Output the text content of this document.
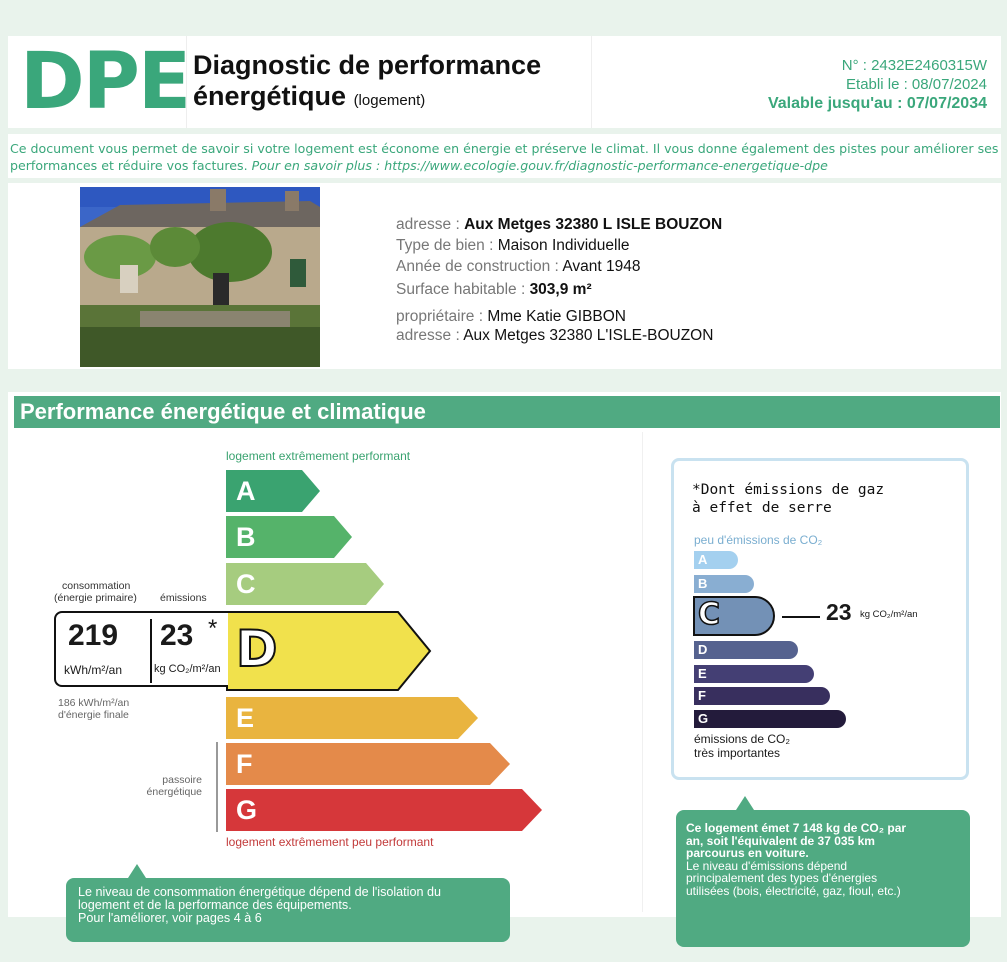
DPE Diagnostic de performance
énergétique (logement)
N° : 2432E2460315W
Etabli le : 08/07/2024
Valable jusqu'au : 07/07/2034
Ce document vous permet de savoir si votre logement est économe en énergie et préserve le climat. Il vous donne également des pistes pour améliorer ses performances et réduire vos factures. Pour en savoir plus : https://www.ecologie.gouv.fr/diagnostic-performance-energetique-dpe
adresse : Aux Metges 32380 L ISLE BOUZON
Type de bien : Maison Individuelle
Année de construction : Avant 1948
Surface habitable : 303,9 m²
propriétaire : Mme Katie GIBBON
adresse : Aux Metges 32380 L'ISLE-BOUZON
Performance énergétique et climatique
logement extrêmement performant
A
B
C
D
E
F
G
logement extrêmement peu performant
passoire
énergétique
consommation
(énergie primaire) émissions
219
kWh/m²/an
23 *
kg CO₂/m²/an
186 kWh/m²/an
d'énergie finale
Le niveau de consommation énergétique dépend de l'isolation du
logement et de la performance des équipements.
Pour l'améliorer, voir pages 4 à 6
*Dont émissions de gaz
à effet de serre
peu d'émissions de CO₂
A
B
C	23 kg CO₂/m²/an
D
E
F
G
émissions de CO₂
très importantes
Ce logement émet 7 148 kg de CO₂ par
an, soit l'équivalent de 37 035 km
parcourus en voiture.
Le niveau d'émissions dépend
principalement des types d'énergies
utilisées (bois, électricité, gaz, fioul, etc.)
